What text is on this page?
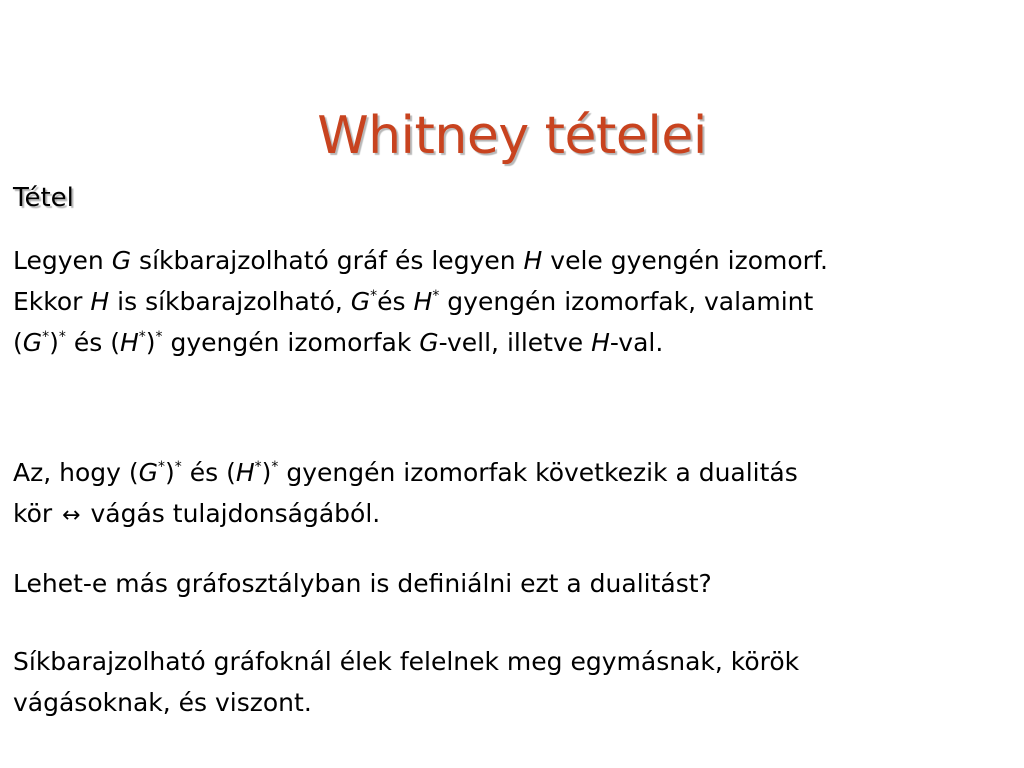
Whitney tételei
Tétel
Legyen G síkbarajzolható gráf és legyen H vele gyengén izomorf.
Ekkor H is síkbarajzolható, G*és H* gyengén izomorfak, valamint
(G*)* és (H*)* gyengén izomorfak G-vell, illetve H-val.
Az, hogy (G*)* és (H*)* gyengén izomorfak következik a dualitás
kör ↔ vágás tulajdonságából.
Lehet-e más gráfosztályban is definiálni ezt a dualitást?
Síkbarajzolható gráfoknál élek felelnek meg egymásnak, körök
vágásoknak, és viszont.
